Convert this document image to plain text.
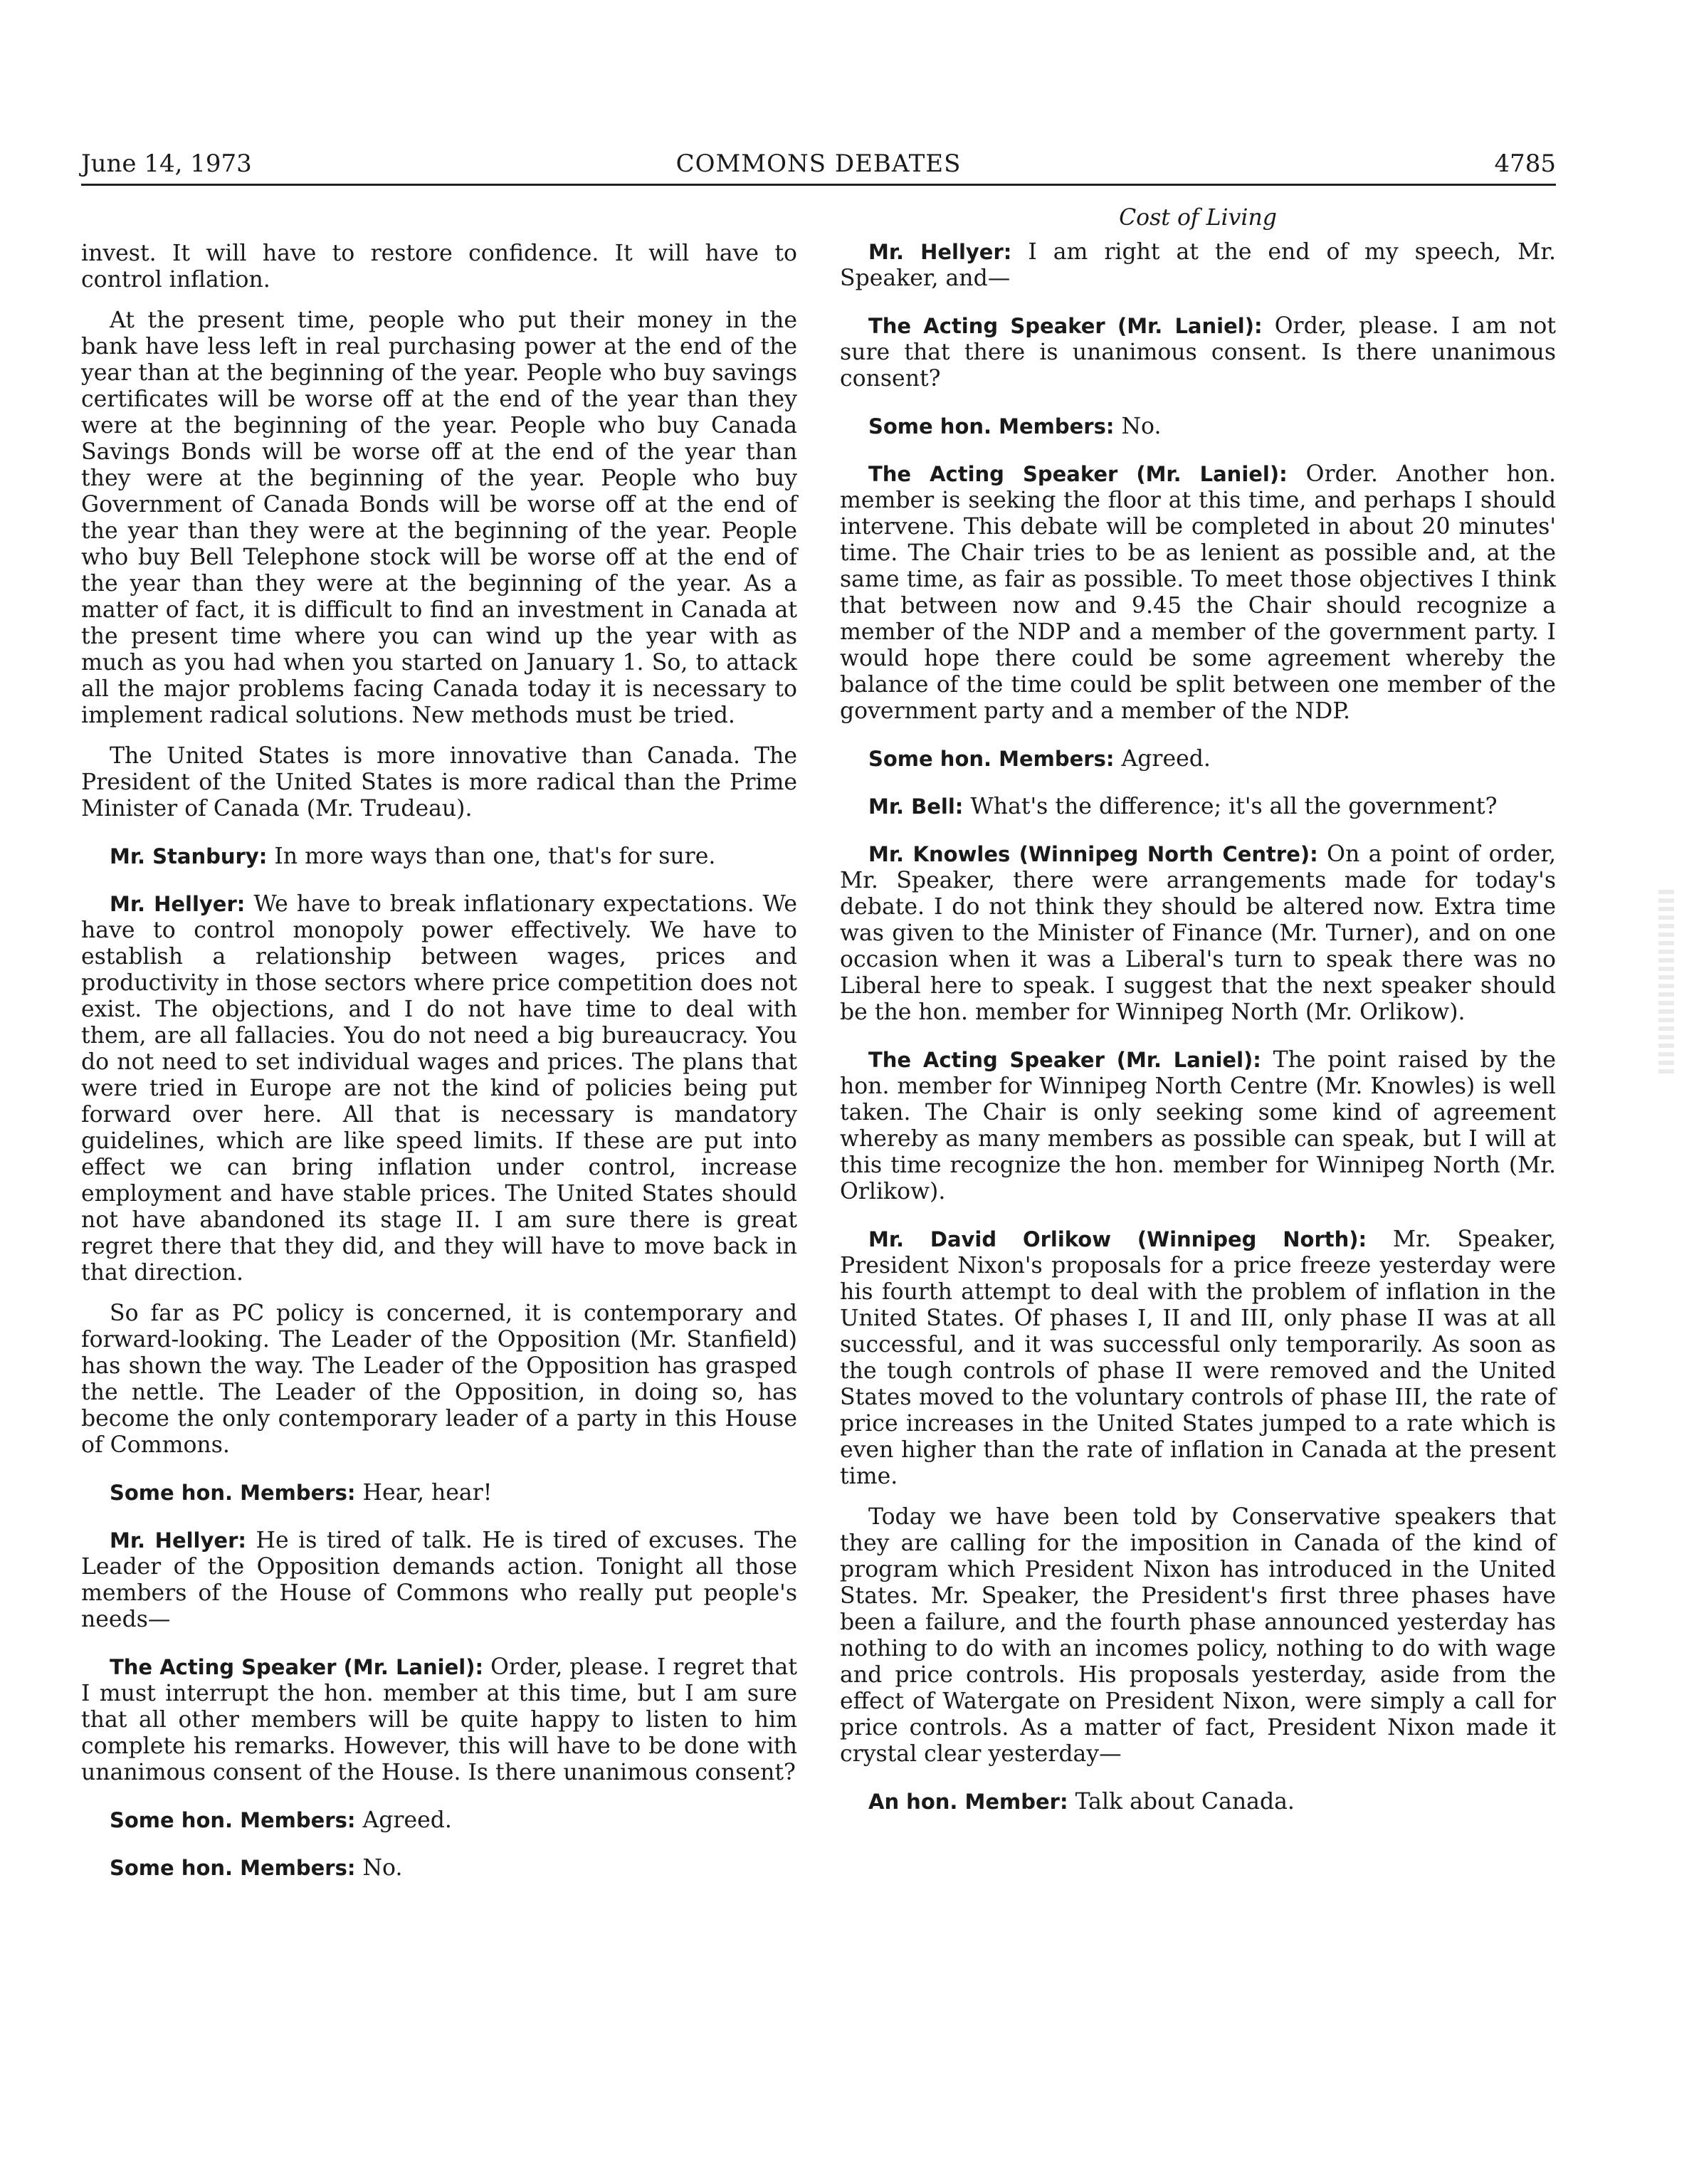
June 14, 1973	COMMONS DEBATES	4785
Cost of Living

invest. It will have to restore confidence. It will have to control inflation.

At the present time, people who put their money in the bank have less left in real purchasing power at the end of the year than at the beginning of the year. People who buy savings certificates will be worse off at the end of the year than they were at the beginning of the year. People who buy Canada Savings Bonds will be worse off at the end of the year than they were at the beginning of the year. People who buy Government of Canada Bonds will be worse off at the end of the year than they were at the beginning of the year. People who buy Bell Telephone stock will be worse off at the end of the year than they were at the beginning of the year. As a matter of fact, it is difficult to find an investment in Canada at the present time where you can wind up the year with as much as you had when you started on January 1. So, to attack all the major problems facing Canada today it is necessary to implement radical solutions. New methods must be tried.

The United States is more innovative than Canada. The President of the United States is more radical than the Prime Minister of Canada (Mr. Trudeau).

Mr. Stanbury: In more ways than one, that's for sure.

Mr. Hellyer: We have to break inflationary expectations. We have to control monopoly power effectively. We have to establish a relationship between wages, prices and productivity in those sectors where price competition does not exist. The objections, and I do not have time to deal with them, are all fallacies. You do not need a big bureaucracy. You do not need to set individual wages and prices. The plans that were tried in Europe are not the kind of policies being put forward over here. All that is necessary is mandatory guidelines, which are like speed limits. If these are put into effect we can bring inflation under control, increase employment and have stable prices. The United States should not have abandoned its stage II. I am sure there is great regret there that they did, and they will have to move back in that direction.

So far as PC policy is concerned, it is contemporary and forward-looking. The Leader of the Opposition (Mr. Stanfield) has shown the way. The Leader of the Opposition has grasped the nettle. The Leader of the Opposition, in doing so, has become the only contemporary leader of a party in this House of Commons.

Some hon. Members: Hear, hear!

Mr. Hellyer: He is tired of talk. He is tired of excuses. The Leader of the Opposition demands action. Tonight all those members of the House of Commons who really put people's needs—

The Acting Speaker (Mr. Laniel): Order, please. I regret that I must interrupt the hon. member at this time, but I am sure that all other members will be quite happy to listen to him complete his remarks. However, this will have to be done with unanimous consent of the House. Is there unanimous consent?

Some hon. Members: Agreed.

Some hon. Members: No.

Mr. Hellyer: I am right at the end of my speech, Mr. Speaker, and—

The Acting Speaker (Mr. Laniel): Order, please. I am not sure that there is unanimous consent. Is there unanimous consent?

Some hon. Members: No.

The Acting Speaker (Mr. Laniel): Order. Another hon. member is seeking the floor at this time, and perhaps I should intervene. This debate will be completed in about 20 minutes' time. The Chair tries to be as lenient as possible and, at the same time, as fair as possible. To meet those objectives I think that between now and 9.45 the Chair should recognize a member of the NDP and a member of the government party. I would hope there could be some agreement whereby the balance of the time could be split between one member of the government party and a member of the NDP.

Some hon. Members: Agreed.

Mr. Bell: What's the difference; it's all the government?

Mr. Knowles (Winnipeg North Centre): On a point of order, Mr. Speaker, there were arrangements made for today's debate. I do not think they should be altered now. Extra time was given to the Minister of Finance (Mr. Turner), and on one occasion when it was a Liberal's turn to speak there was no Liberal here to speak. I suggest that the next speaker should be the hon. member for Winnipeg North (Mr. Orlikow).

The Acting Speaker (Mr. Laniel): The point raised by the hon. member for Winnipeg North Centre (Mr. Knowles) is well taken. The Chair is only seeking some kind of agreement whereby as many members as possible can speak, but I will at this time recognize the hon. member for Winnipeg North (Mr. Orlikow).

Mr. David Orlikow (Winnipeg North): Mr. Speaker, President Nixon's proposals for a price freeze yesterday were his fourth attempt to deal with the problem of inflation in the United States. Of phases I, II and III, only phase II was at all successful, and it was successful only temporarily. As soon as the tough controls of phase II were removed and the United States moved to the voluntary controls of phase III, the rate of price increases in the United States jumped to a rate which is even higher than the rate of inflation in Canada at the present time.

Today we have been told by Conservative speakers that they are calling for the imposition in Canada of the kind of program which President Nixon has introduced in the United States. Mr. Speaker, the President's first three phases have been a failure, and the fourth phase announced yesterday has nothing to do with an incomes policy, nothing to do with wage and price controls. His proposals yesterday, aside from the effect of Watergate on President Nixon, were simply a call for price controls. As a matter of fact, President Nixon made it crystal clear yesterday—

An hon. Member: Talk about Canada.
